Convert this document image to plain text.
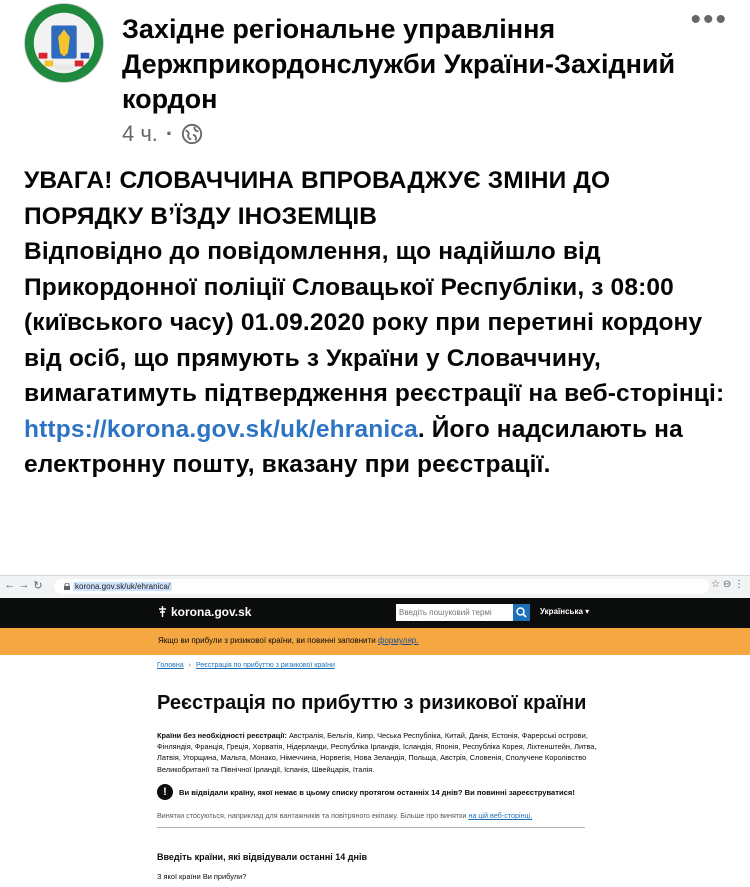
Західне регіональне управління Держприкордонслужби України-Західний кордон
•••
4 ч. ·

УВАГА! СЛОВАЧЧИНА ВПРОВАДЖУЄ ЗМІНИ ДО ПОРЯДКУ В’ЇЗДУ ІНОЗЕМЦІВ

Відповідно до повідомлення, що надійшло від Прикордонної поліції Словацької Республіки, з 08:00 (київського часу) 01.09.2020 року при перетині кордону від осіб, що прямують з України у Словаччину, вимагатимуть підтвердження реєстрації на веб-сторінці: https://korona.gov.sk/uk/ehranica. Його надсилають на електронну пошту, вказану при реєстрації.

← → ↻	korona.gov.sk/uk/ehranica/	☆ ⊖ ⋮
korona.gov.sk
Введіть пошуковий термі	Українська ▾
Якщо ви прибули з ризикової країни, ви повинні заповнити формуляр.
Головна › Реєстрація по прибуттю з ризикової країни
Реєстрація по прибуттю з ризикової країни
Країни без необхідності реєстрації: Австралія, Бельгія, Кипр, Чеська Республіка, Китай, Данія, Естонія, Фарерські острови, Фінляндія, Франція, Греція, Хорватія, Нідерланди, Республіка Ірландія, Ісландія, Японія, Республіка Корея, Ліхтенштейн, Литва, Латвія, Угорщина, Мальта, Монако, Німеччина, Норвегія, Нова Зеландія, Польща, Австрія, Словенія, Сполучене Королівство Великобританії та Північної Ірландії, Іспанія, Швейцарія, Італія.
!	Ви відвідали країну, якої немає в цьому списку протягом останніх 14 днів? Ви повинні зареєструватися!
Винятки стосуються, наприклад для вантажників та повітряного екіпажу. Більше про винятки на цій веб-сторінці.
Введіть країни, які відвідували останні 14 днів
З якої країни Ви прибули?
